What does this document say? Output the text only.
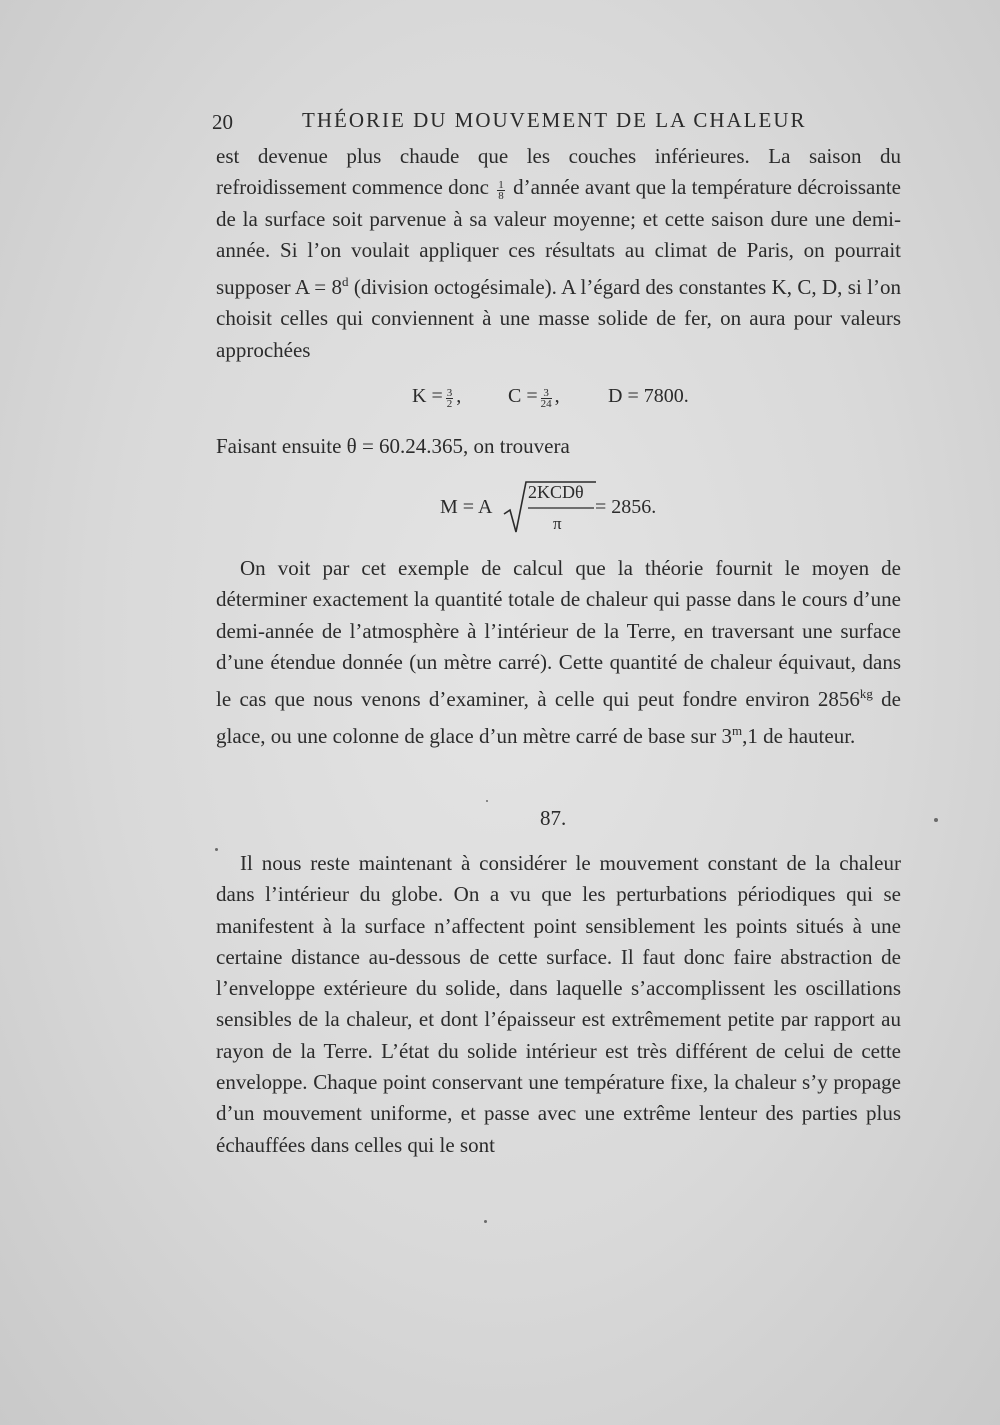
20	THÉORIE DU MOUVEMENT DE LA CHALEUR

est devenue plus chaude que les couches inférieures. La saison du refroidissement commence donc $\frac{1}{8}$ d’année avant que la température décroissante de la surface soit parvenue à sa valeur moyenne; et cette saison dure une demi-année. Si l’on voulait appliquer ces résultats au climat de Paris, on pourrait supposer $A = 8^d$ (division octogésimale). A l’égard des constantes K, C, D, si l’on choisit celles qui conviennent à une masse solide de fer, on aura pour valeurs approchées

$K = \frac{3}{2}$ , $C = \frac{3}{24}$ , D = 7800.

Faisant ensuite θ = 60.24.365, on trouvera

M = A
2KCDθ
π
= 2856.

On voit par cet exemple de calcul que la théorie fournit le moyen de déterminer exactement la quantité totale de chaleur qui passe dans le cours d’une demi-année de l’atmosphère à l’intérieur de la Terre, en traversant une surface d’une étendue donnée (un mètre carré). Cette quantité de chaleur équivaut, dans le cas que nous venons d’examiner, à celle qui peut fondre environ $2856^{kg}$ de glace, ou une colonne de glace d’un mètre carré de base sur 3$^m$,1 de hauteur.

87.

Il nous reste maintenant à considérer le mouvement constant de la chaleur dans l’intérieur du globe. On a vu que les perturbations périodiques qui se manifestent à la surface n’affectent point sensiblement les points situés à une certaine distance au-dessous de cette surface. Il faut donc faire abstraction de l’enveloppe extérieure du solide, dans laquelle s’accomplissent les oscillations sensibles de la chaleur, et dont l’épaisseur est extrêmement petite par rapport au rayon de la Terre. L’état du solide intérieur est très différent de celui de cette enveloppe. Chaque point conservant une température fixe, la chaleur s’y propage d’un mouvement uniforme, et passe avec une extrême lenteur des parties plus échauffées dans celles qui le sont
